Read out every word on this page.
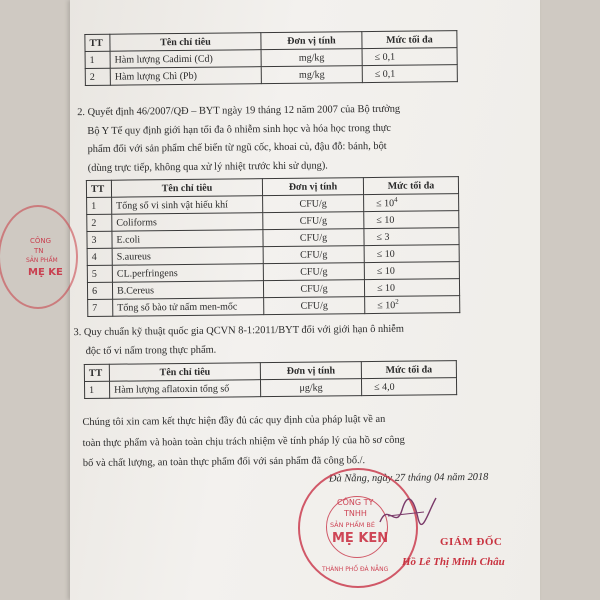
TT	Tên chỉ tiêu	Đơn vị tính	Mức tối đa
1	Hàm lượng Cadimi (Cd)	mg/kg	≤ 0,1
2	Hàm lượng Chì (Pb)	mg/kg	≤ 0,1
2. Quyết định 46/2007/QĐ – BYT ngày 19 tháng 12 năm 2007 của Bộ trưởng
Bộ Y Tế quy định giới hạn tối đa ô nhiễm sinh học và hóa học trong thực
phẩm đối với sản phẩm chế biến từ ngũ cốc, khoai củ, đậu đỗ: bánh, bột
(dùng trực tiếp, không qua xử lý nhiệt trước khi sử dụng).
TT	Tên chỉ tiêu	Đơn vị tính	Mức tối đa
1	Tổng số vi sinh vật hiếu khí	CFU/g	≤ $10^4$
2	Coliforms	CFU/g	≤ 10
3	E.coli	CFU/g	≤ 3
4	S.aureus	CFU/g	≤ 10
5	CL.perfringens	CFU/g	≤ 10
6	B.Cereus	CFU/g	≤ 10
7	Tổng số bào tử nấm men-mốc	CFU/g	≤ $10^2$
3. Quy chuẩn kỹ thuật quốc gia QCVN 8-1:2011/BYT đối với giới hạn ô nhiễm
độc tố vi nấm trong thực phẩm.
TT	Tên chỉ tiêu	Đơn vị tính	Mức tối đa
1	Hàm lượng aflatoxin tổng số	μg/kg	≤ 4,0
Chúng tôi xin cam kết thực hiện đầy đủ các quy định của pháp luật về an
toàn thực phẩm và hoàn toàn chịu trách nhiệm về tính pháp lý của hồ sơ công
bố và chất lượng, an toàn thực phẩm đối với sản phẩm đã công bố./.
Đà Nẵng, ngày 27 tháng 04 năm 2018
CÔNG
TN
SẢN PHẨM
MẸ KE
CÔNG TY
TNHH
SẢN PHẨM BÉ
MẸ KEN
THÀNH PHỐ ĐÀ NẴNG
GIÁM ĐỐC
Hồ Lê Thị Minh Châu
